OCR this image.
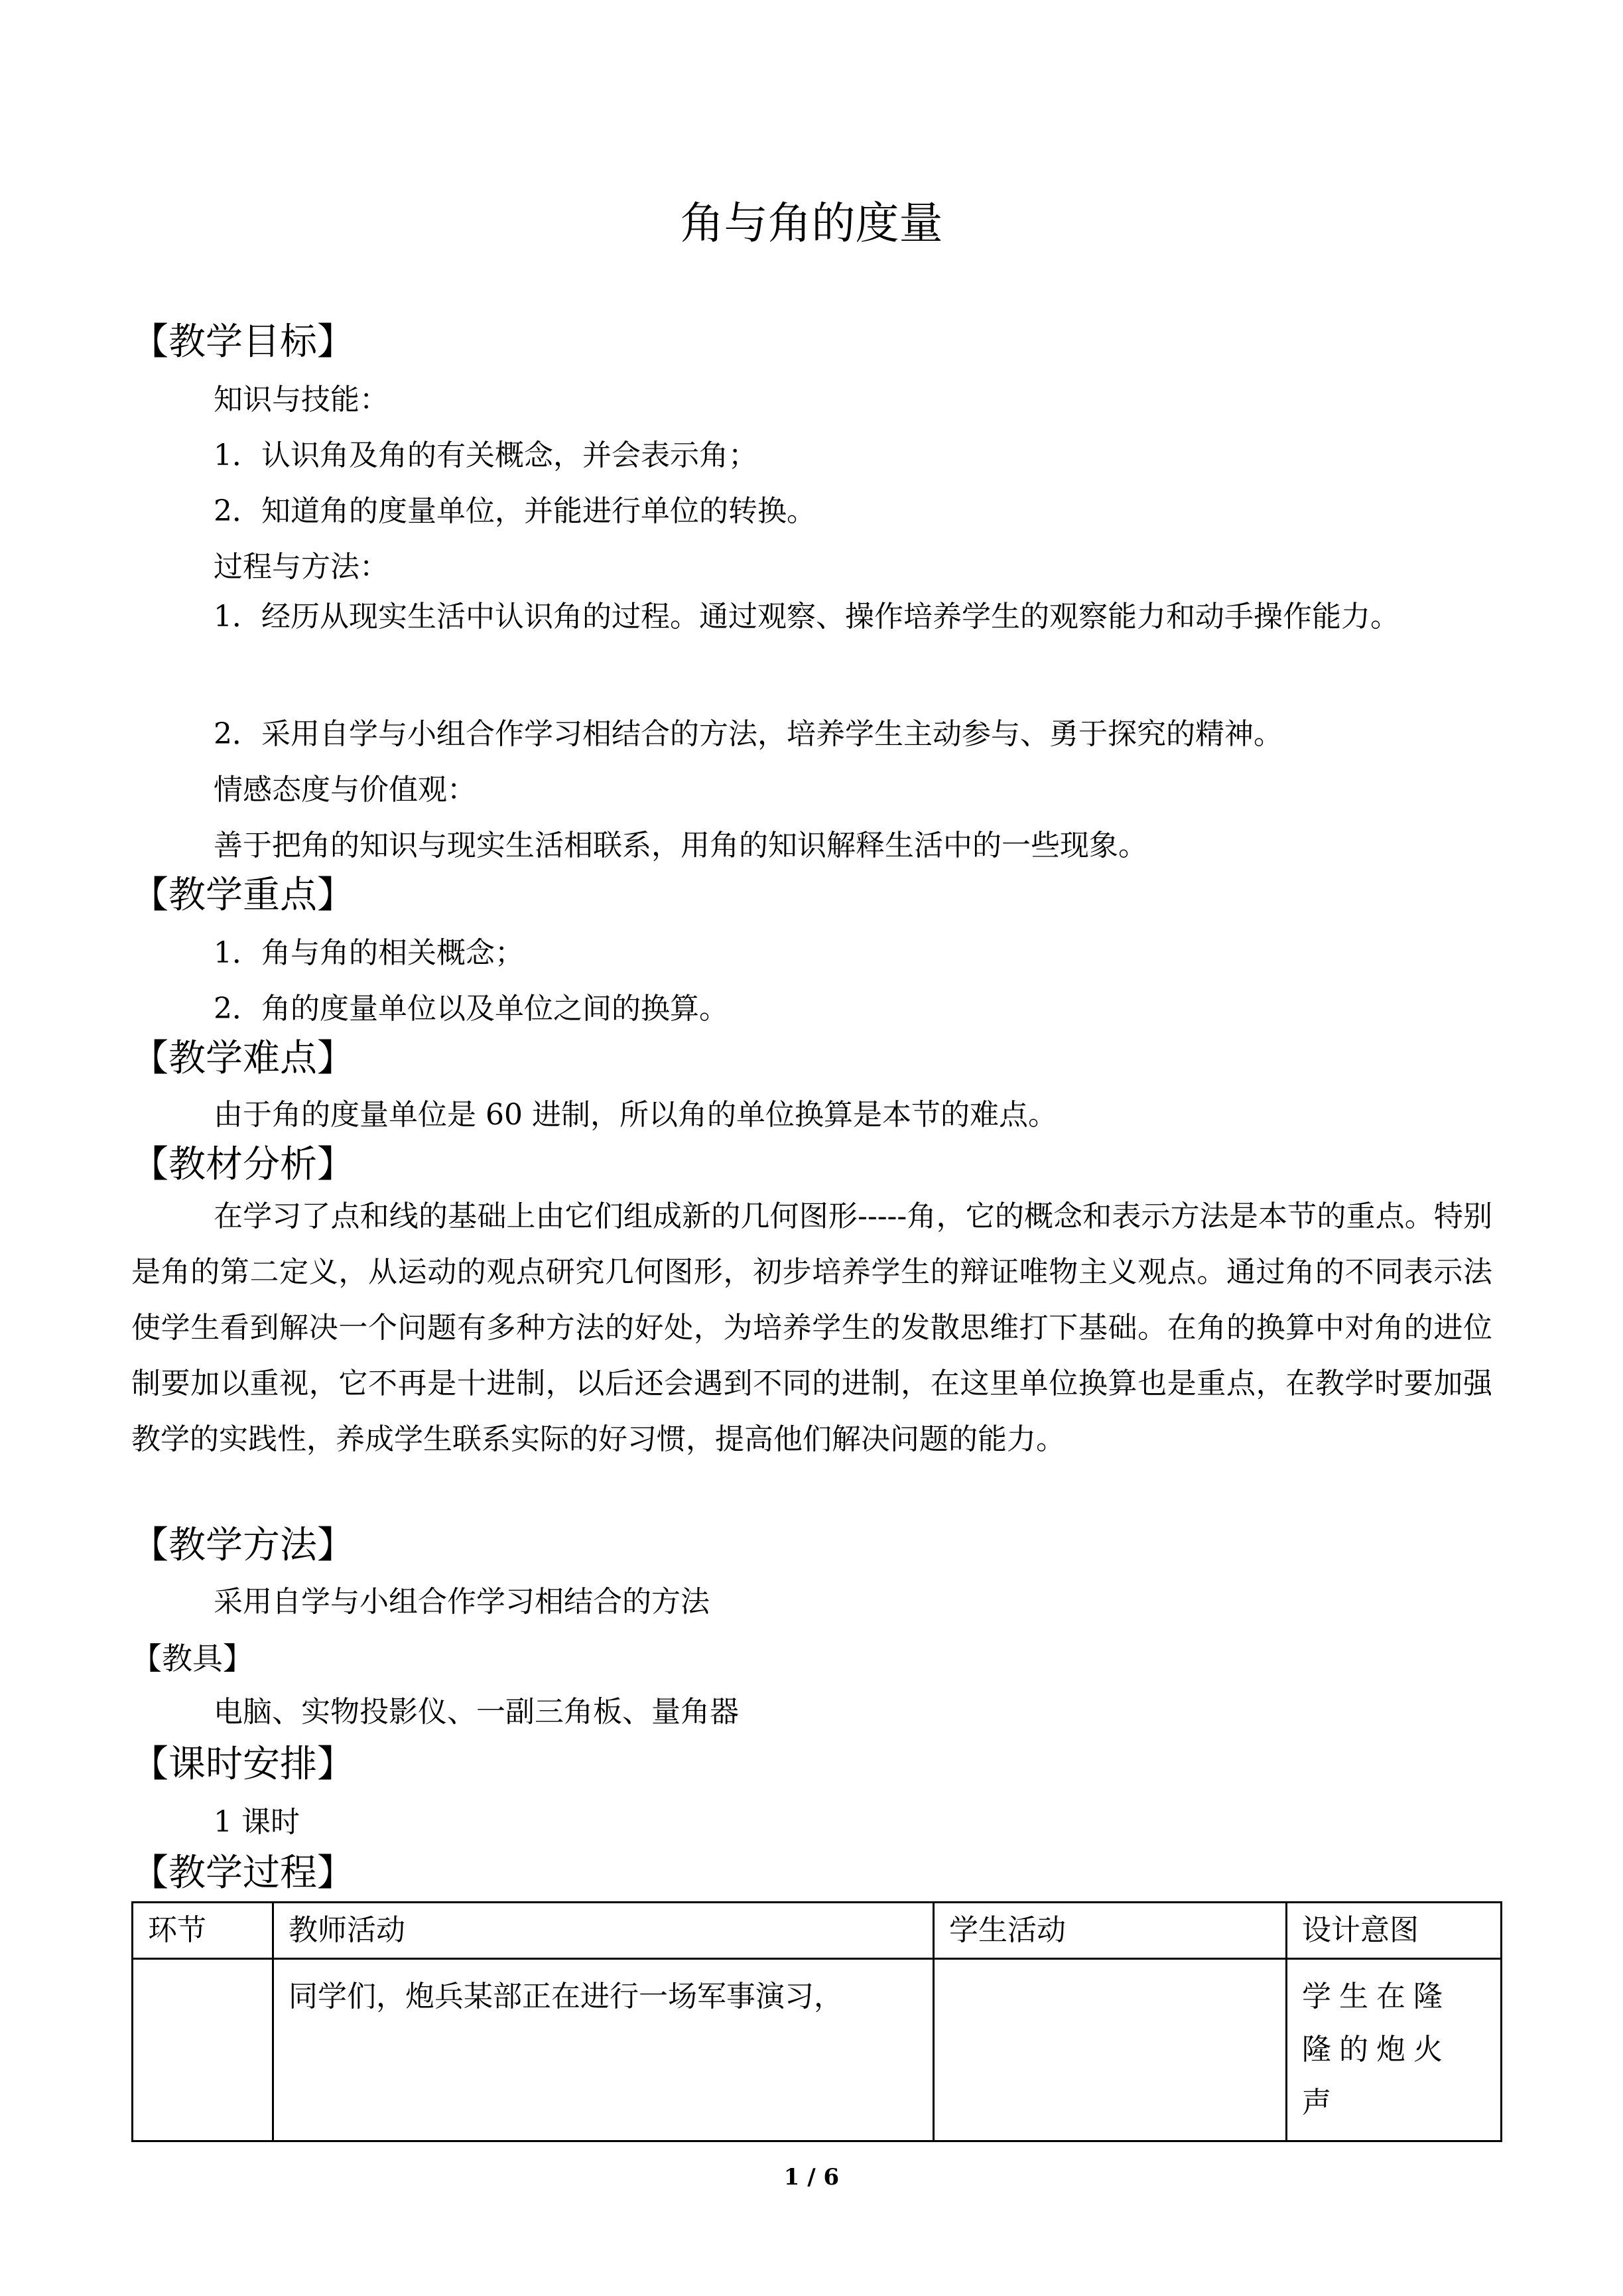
角与角的度量
【教学目标】
知识与技能：
1．认识角及角的有关概念，并会表示角；
2．知道角的度量单位，并能进行单位的转换。
过程与方法：

1．经历从现实生活中认识角的过程。通过观察、操作培养学生的观察能力和动手操作能力。

2．采用自学与小组合作学习相结合的方法，培养学生主动参与、勇于探究的精神。
情感态度与价值观：
善于把角的知识与现实生活相联系，用角的知识解释生活中的一些现象。
【教学重点】
1．角与角的相关概念；
2．角的度量单位以及单位之间的换算。
【教学难点】
由于角的度量单位是 60 进制，所以角的单位换算是本节的难点。
【教材分析】

在学习了点和线的基础上由它们组成新的几何图形-----角，它的概念和表示方法是本节的重点。特别是角的第二定义，从运动的观点研究几何图形，初步培养学生的辩证唯物主义观点。通过角的不同表示法使学生看到解决一个问题有多种方法的好处，为培养学生的发散思维打下基础。在角的换算中对角的进位制要加以重视，它不再是十进制，以后还会遇到不同的进制，在这里单位换算也是重点，在教学时要加强教学的实践性，养成学生联系实际的好习惯，提高他们解决问题的能力。

【教学方法】
采用自学与小组合作学习相结合的方法
【教具】
电脑、实物投影仪、一副三角板、量角器
【课时安排】
1 课时
【教学过程】
环节	教师活动	学生活动	设计意图
	同学们，炮兵某部正在进行一场军事演习，		学生在隆隆的炮火声
1 / 6
